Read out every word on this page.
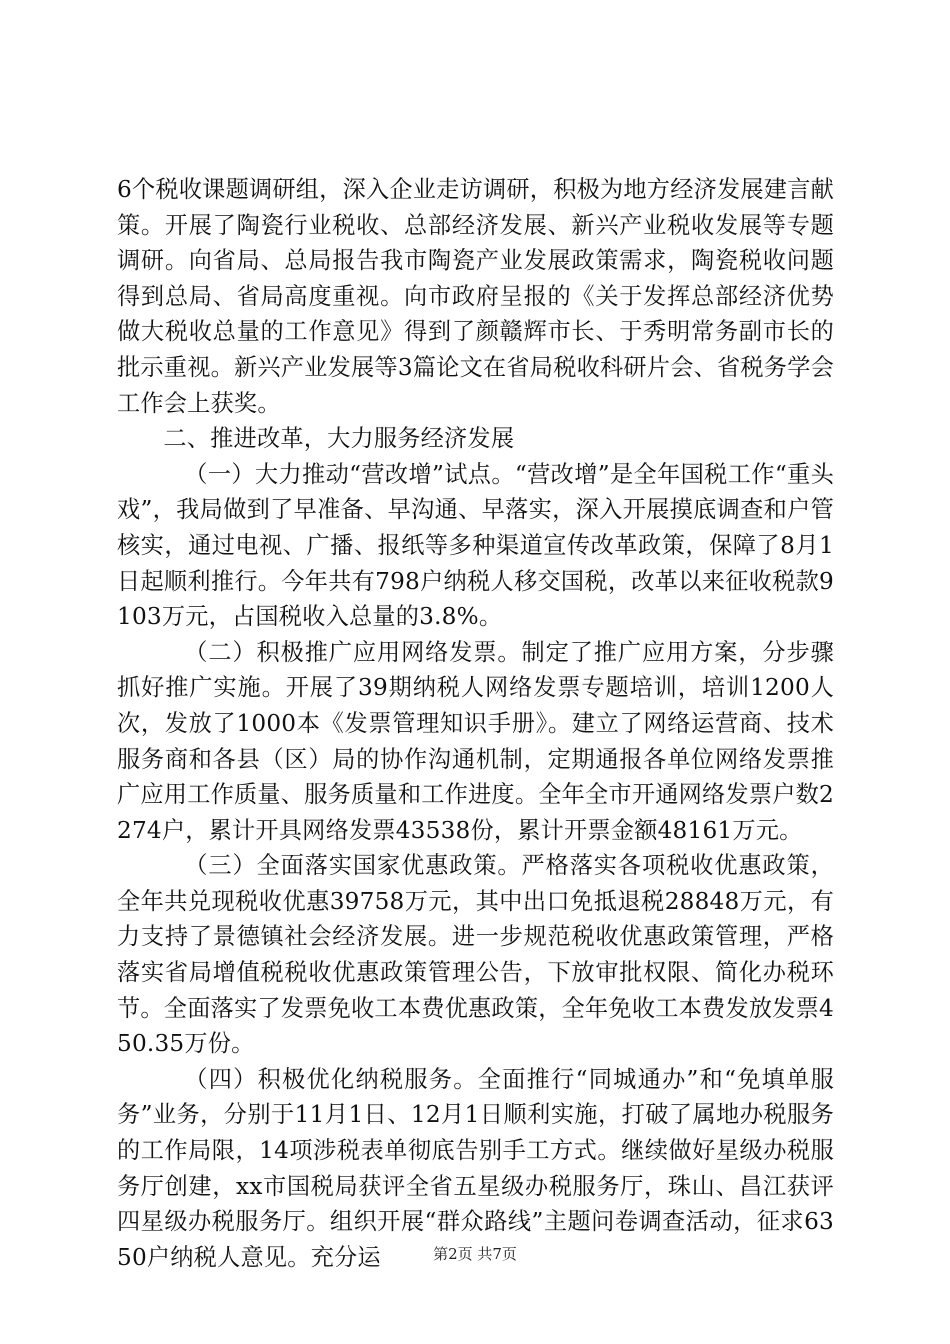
6个税收课题调研组，深入企业走访调研，积极为地方经济发展建言献策。开展了陶瓷行业税收、总部经济发展、新兴产业税收发展等专题调研。向省局、总局报告我市陶瓷产业发展政策需求，陶瓷税收问题得到总局、省局高度重视。向市政府呈报的《关于发挥总部经济优势做大税收总量的工作意见》得到了颜赣辉市长、于秀明常务副市长的批示重视。新兴产业发展等3篇论文在省局税收科研片会、省税务学会工作会上获奖。

二、推进改革，大力服务经济发展

（一）大力推动“营改增”试点。“营改增”是全年国税工作“重头戏”，我局做到了早准备、早沟通、早落实，深入开展摸底调查和户管核实，通过电视、广播、报纸等多种渠道宣传改革政策，保障了8月1日起顺利推行。今年共有798户纳税人移交国税，改革以来征收税款9103万元，占国税收入总量的3.8%。

（二）积极推广应用网络发票。制定了推广应用方案，分步骤抓好推广实施。开展了39期纳税人网络发票专题培训，培训1200人次，发放了1000本《发票管理知识手册》。建立了网络运营商、技术服务商和各县（区）局的协作沟通机制，定期通报各单位网络发票推广应用工作质量、服务质量和工作进度。全年全市开通网络发票户数2274户，累计开具网络发票43538份，累计开票金额48161万元。

（三）全面落实国家优惠政策。严格落实各项税收优惠政策，全年共兑现税收优惠39758万元，其中出口免抵退税28848万元，有力支持了景德镇社会经济发展。进一步规范税收优惠政策管理，严格落实省局增值税税收优惠政策管理公告，下放审批权限、简化办税环节。全面落实了发票免收工本费优惠政策，全年免收工本费发放发票450.35万份。

（四）积极优化纳税服务。全面推行“同城通办”和“免填单服务”业务，分别于11月1日、12月1日顺利实施，打破了属地办税服务的工作局限，14项涉税表单彻底告别手工方式。继续做好星级办税服务厅创建，xx市国税局获评全省五星级办税服务厅，珠山、昌江获评四星级办税服务厅。组织开展“群众路线”主题问卷调查活动，征求6350户纳税人意见。充分运	第2页 共7页
